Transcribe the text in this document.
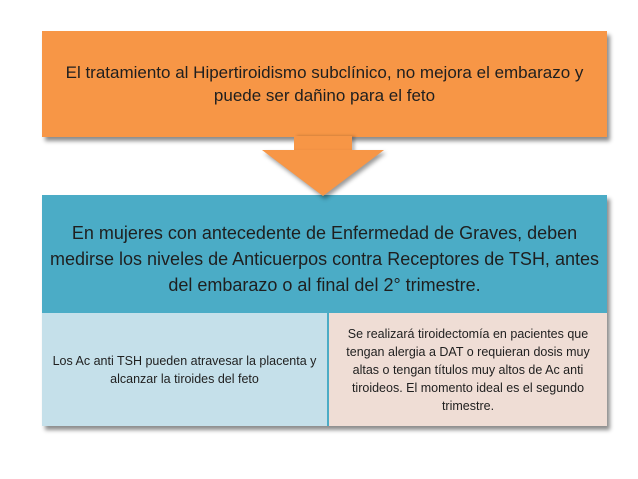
El tratamiento al Hipertiroidismo subclínico, no mejora el embarazo y puede ser dañino para el feto
En mujeres con antecedente de Enfermedad de Graves, deben medirse los niveles de Anticuerpos contra Receptores de TSH, antes del embarazo o al final del 2° trimestre.
Los Ac anti TSH pueden atravesar la placenta y alcanzar la tiroides del feto
Se realizará tiroidectomía en pacientes que tengan alergia a DAT o requieran dosis muy altas o tengan títulos muy altos de Ac anti tiroideos. El momento ideal es el segundo trimestre.
